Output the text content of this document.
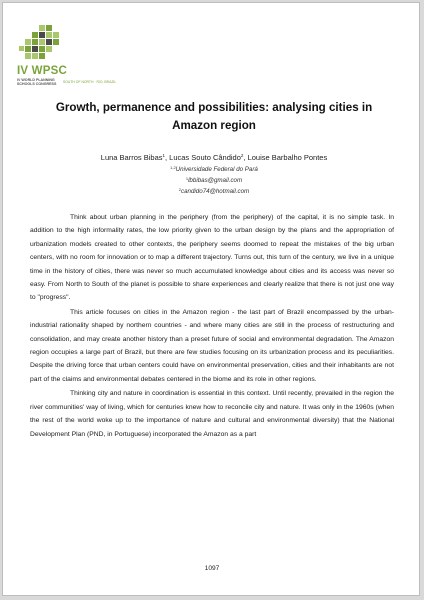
IV WPSC
IV WORLD PLANNING SCHOOLS CONGRESS
SOUTH OF NORTH · RIO, BRAZIL
Growth, permanence and possibilities: analysing cities in Amazon region
Luna Barros Bibas$^1$, Lucas Souto Cândido$^2$, Louise Barbalho Pontes
$^{1,2}$Universidade Federal do Pará
$^1$lbbibas@gmail.com
$^2$candido74@hotmail.com

Think about urban planning in the periphery (from the periphery) of the capital, it is no simple task. In addition to the high informality rates, the low priority given to the urban design by the plans and the appropriation of urbanization models created to other contexts, the periphery seems doomed to repeat the mistakes of the big urban centers, with no room for innovation or to map a different trajectory. Turns out, this turn of the century, we live in a unique time in the history of cities, there was never so much accumulated knowledge about cities and its access was never so easy. From North to South of the planet is possible to share experiences and clearly realize that there is not just one way to "progress".

This article focuses on cities in the Amazon region - the last part of Brazil encompassed by the urban-industrial rationality shaped by northern countries - and where many cities are still in the process of restructuring and consolidation, and may create another history than a preset future of social and environmental degradation. The Amazon region occupies a large part of Brazil, but there are few studies focusing on its urbanization process and its peculiarities. Despite the driving force that urban centers could have on environmental preservation, cities and their inhabitants are not part of the claims and environmental debates centered in the biome and its role in other regions.

Thinking city and nature in coordination is essential in this context. Until recently, prevailed in the region the river communities' way of living, which for centuries knew how to reconcile city and nature. It was only in the 1960s (when the rest of the world woke up to the importance of nature and cultural and environmental diversity) that the National Development Plan (PND, in Portuguese) incorporated the Amazon as a part

1097
